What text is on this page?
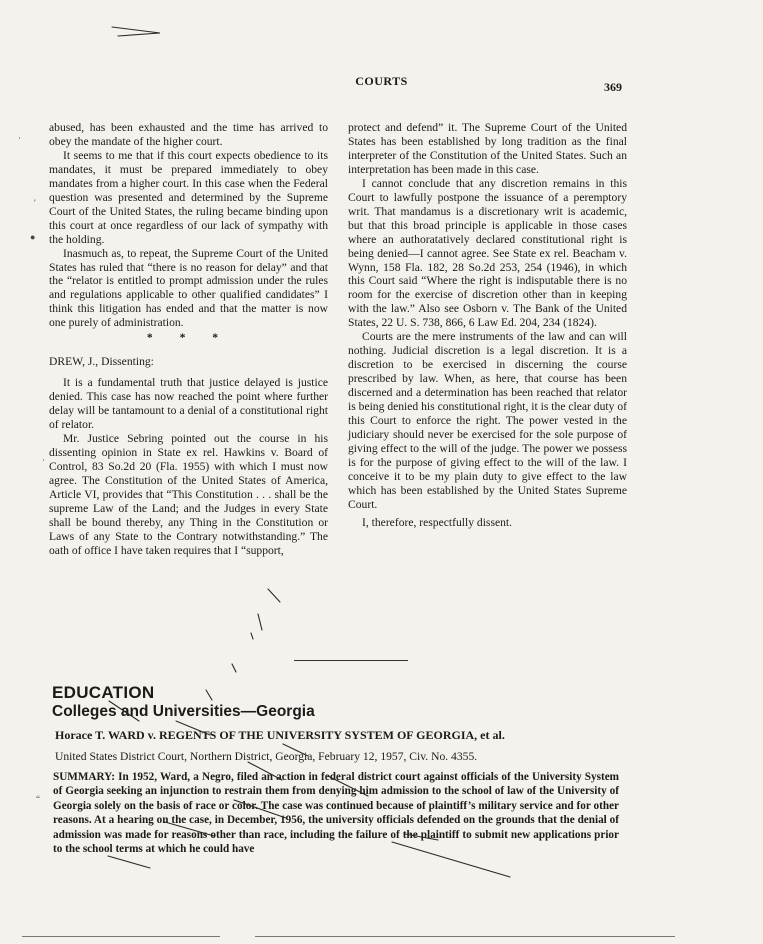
COURTS	369

abused, has been exhausted and the time has arrived to obey the mandate of the higher court.

It seems to me that if this court expects obedience to its mandates, it must be prepared immediately to obey mandates from a higher court. In this case when the Federal question was presented and determined by the Supreme Court of the United States, the ruling became binding upon this court at once regardless of our lack of sympathy with the holding.

Inasmuch as, to repeat, the Supreme Court of the United States has ruled that “there is no reason for delay” and that the “relator is entitled to prompt admission under the rules and regulations applicable to other qualified candidates” I think this litigation has ended and that the matter is now one purely of administration.

* * *

DREW, J., Dissenting:

It is a fundamental truth that justice delayed is justice denied. This case has now reached the point where further delay will be tantamount to a denial of a constitutional right of relator.

Mr. Justice Sebring pointed out the course in his dissenting opinion in State ex rel. Hawkins v. Board of Control, 83 So.2d 20 (Fla. 1955) with which I must now agree. The Constitution of the United States of America, Article VI, provides that “This Constitution . . . shall be the supreme Law of the Land; and the Judges in every State shall be bound thereby, any Thing in the Constitution or Laws of any State to the Contrary notwithstanding.” The oath of office I have taken requires that I “support,

protect and defend” it. The Supreme Court of the United States has been established by long tradition as the final interpreter of the Constitution of the United States. Such an interpretation has been made in this case.

I cannot conclude that any discretion remains in this Court to lawfully postpone the issuance of a peremptory writ. That mandamus is a discretionary writ is academic, but that this broad principle is applicable in those cases where an authoratatively declared constitutional right is being denied—I cannot agree. See State ex rel. Beacham v. Wynn, 158 Fla. 182, 28 So.2d 253, 254 (1946), in which this Court said “Where the right is indisputable there is no room for the exercise of discretion other than in keeping with the law.” Also see Osborn v. The Bank of the United States, 22 U. S. 738, 866, 6 Law Ed. 204, 234 (1824).

Courts are the mere instruments of the law and can will nothing. Judicial discretion is a legal discretion. It is a discretion to be exercised in discerning the course prescribed by law. When, as here, that course has been discerned and a determination has been reached that relator is being denied his constitutional right, it is the clear duty of this Court to enforce the right. The power vested in the judiciary should never be exercised for the sole purpose of giving effect to the will of the judge. The power we possess is for the purpose of giving effect to the will of the law. I conceive it to be my plain duty to give effect to the law which has been established by the United States Supreme Court.

I, therefore, respectfully dissent.

EDUCATION
Colleges and Universities—Georgia
Horace T. WARD v. REGENTS OF THE UNIVERSITY SYSTEM OF GEORGIA, et al.
United States District Court, Northern District, Georgia, February 12, 1957, Civ. No. 4355.

SUMMARY: In 1952, Ward, a Negro, filed an action in federal district court against officials of the University System of Georgia seeking an injunction to restrain them from denying him admission to the school of law of the University of Georgia solely on the basis of race or color. The case was continued because of plaintiff’s military service and for other reasons. At a hearing on the case, in December, 1956, the university officials defended on the grounds that the denial of admission was made for reasons other than race, including the failure of the plaintiff to submit new applications prior to the school terms at which he could have

·
′
●
·
“
